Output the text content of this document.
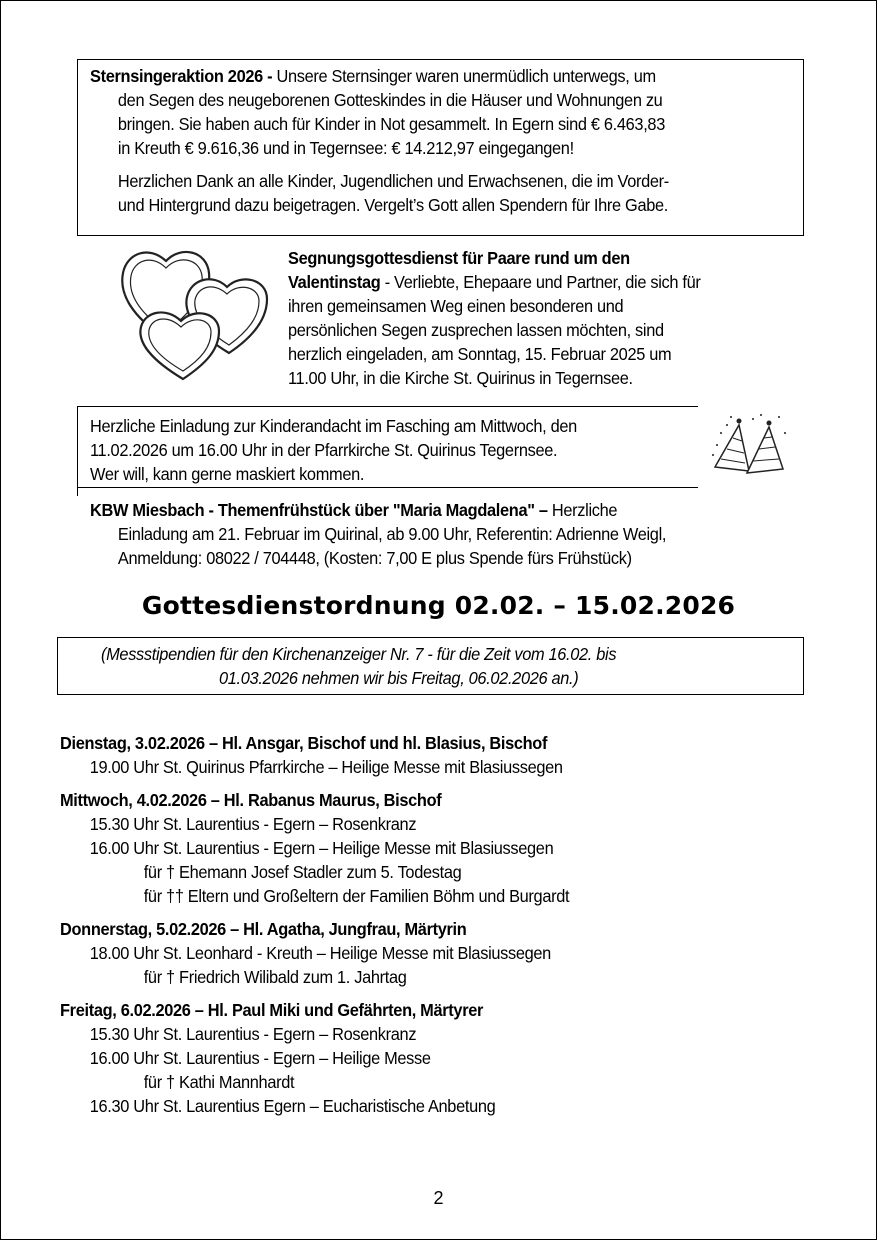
Sternsingeraktion 2026 - Unsere Sternsinger waren unermüdlich unterwegs, um
den Segen des neugeborenen Gotteskindes in die Häuser und Wohnungen zu
bringen. Sie haben auch für Kinder in Not gesammelt. In Egern sind € 6.463,83
in Kreuth € 9.616,36 und in Tegernsee: € 14.212,97 eingegangen!
Herzlichen Dank an alle Kinder, Jugendlichen und Erwachsenen, die im Vorder-
und Hintergrund dazu beigetragen. Vergelt’s Gott allen Spendern für Ihre Gabe.
Segnungsgottesdienst für Paare rund um den
Valentinstag - Verliebte, Ehepaare und Partner, die sich für
ihren gemeinsamen Weg einen besonderen und
persönlichen Segen zusprechen lassen möchten, sind
herzlich eingeladen, am Sonntag, 15. Februar 2025 um
11.00 Uhr, in die Kirche St. Quirinus in Tegernsee.
Herzliche Einladung zur Kinderandacht im Fasching am Mittwoch, den
11.02.2026 um 16.00 Uhr in der Pfarrkirche St. Quirinus Tegernsee.
Wer will, kann gerne maskiert kommen.
KBW Miesbach - Themenfrühstück über "Maria Magdalena" – Herzliche
Einladung am 21. Februar im Quirinal, ab 9.00 Uhr, Referentin: Adrienne Weigl,
Anmeldung: 08022 / 704448, (Kosten: 7,00 E plus Spende fürs Frühstück)
Gottesdienstordnung 02.02. – 15.02.2026
(Messstipendien für den Kirchenanzeiger Nr. 7 - für die Zeit vom 16.02. bis
01.03.2026 nehmen wir bis Freitag, 06.02.2026 an.)
Dienstag, 3.02.2026 – Hl. Ansgar, Bischof und hl. Blasius, Bischof
19.00 Uhr St. Quirinus Pfarrkirche – Heilige Messe mit Blasiussegen
Mittwoch, 4.02.2026 – Hl. Rabanus Maurus, Bischof
15.30 Uhr St. Laurentius - Egern – Rosenkranz
16.00 Uhr St. Laurentius - Egern – Heilige Messe mit Blasiussegen
für † Ehemann Josef Stadler zum 5. Todestag
für †† Eltern und Großeltern der Familien Böhm und Burgardt
Donnerstag, 5.02.2026 – Hl. Agatha, Jungfrau, Märtyrin
18.00 Uhr St. Leonhard - Kreuth – Heilige Messe mit Blasiussegen
für † Friedrich Wilibald zum 1. Jahrtag
Freitag, 6.02.2026 – Hl. Paul Miki und Gefährten, Märtyrer
15.30 Uhr St. Laurentius - Egern – Rosenkranz
16.00 Uhr St. Laurentius - Egern – Heilige Messe
für † Kathi Mannhardt
16.30 Uhr St. Laurentius Egern – Eucharistische Anbetung
2
